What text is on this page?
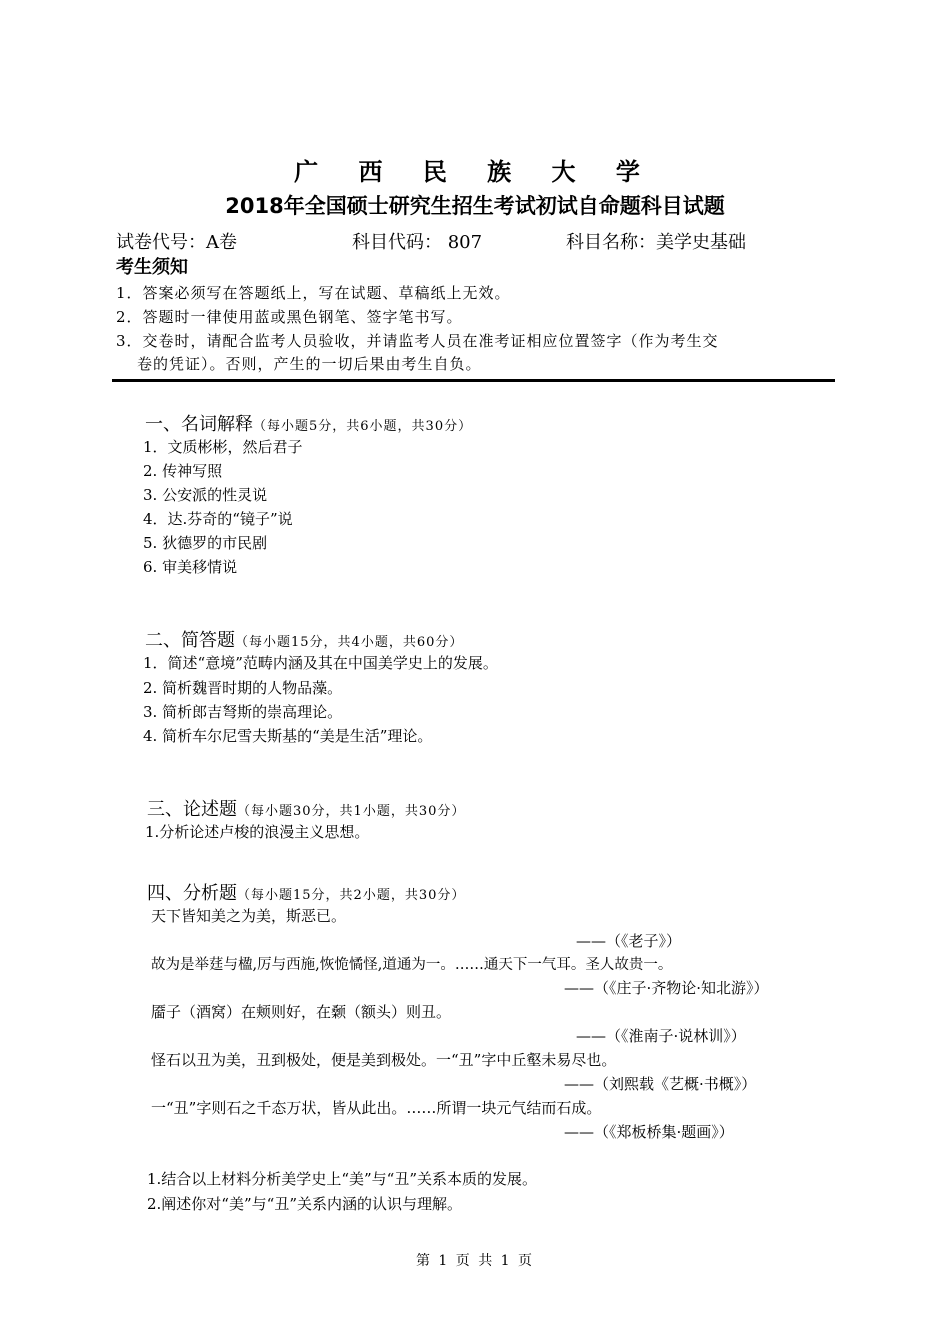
广 西 民 族 大 学
2018年全国硕士研究生招生考试初试自命题科目试题
试卷代号：A卷	科目代码： 807	科目名称：美学史基础
考生须知
1．答案必须写在答题纸上，写在试题、草稿纸上无效。
2．答题时一律使用蓝或黑色钢笔、签字笔书写。
3．交卷时，请配合监考人员验收，并请监考人员在准考证相应位置签字（作为考生交
卷的凭证）。否则，产生的一切后果由考生自负。
一、名词解释（每小题5分，共6小题，共30分）
1．文质彬彬，然后君子
2. 传神写照
3. 公安派的性灵说
4．达.芬奇的“镜子”说
5. 狄德罗的市民剧
6. 审美移情说
二、简答题（每小题15分，共4小题，共60分）
1．简述“意境”范畴内涵及其在中国美学史上的发展。
2. 简析魏晋时期的人物品藻。
3. 简析郎吉弩斯的崇高理论。
4. 简析车尔尼雪夫斯基的“美是生活”理论。
三、论述题（每小题30分，共1小题，共30分）
1.分析论述卢梭的浪漫主义思想。
四、分析题（每小题15分，共2小题，共30分）
天下皆知美之为美，斯恶已。
——（《老子》）
故为是举莛与楹,厉与西施,恢恑憰怪,道通为一。……通天下一气耳。圣人故贵一。
——（《庄子·齐物论·知北游》）
靥子（酒窝）在颊则好，在颡（额头）则丑。
——（《淮南子·说林训》）
怪石以丑为美，丑到极处，便是美到极处。一“丑”字中丘壑未易尽也。
——（刘熙载《艺概·书概》）
一“丑”字则石之千态万状，皆从此出。……所谓一块元气结而石成。
——（《郑板桥集·题画》）
1.结合以上材料分析美学史上“美”与“丑”关系本质的发展。
2.阐述你对“美”与“丑”关系内涵的认识与理解。
第 1 页 共 1 页
